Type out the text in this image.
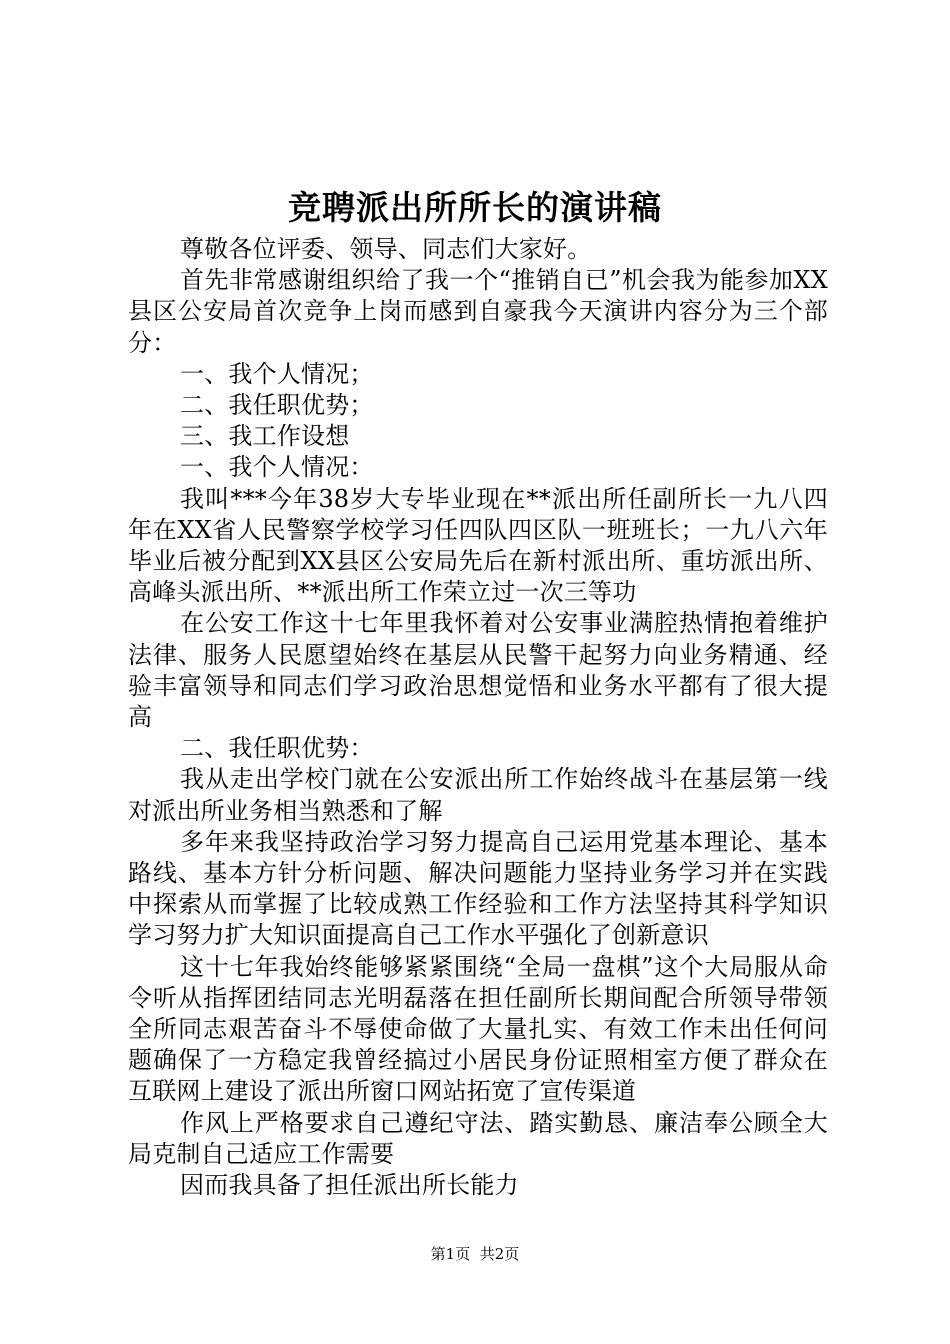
竞聘派出所所长的演讲稿

尊敬各位评委、领导、同志们大家好。

首先非常感谢组织给了我一个“推销自已”机会我为能参加XX县区公安局首次竞争上岗而感到自豪我今天演讲内容分为三个部分：

一、我个人情况；

二、我任职优势；

三、我工作设想

一、我个人情况：

我叫***今年38岁大专毕业现在**派出所任副所长一九八四年在XX省人民警察学校学习任四队四区队一班班长；一九八六年毕业后被分配到XX县区公安局先后在新村派出所、重坊派出所、高峰头派出所、**派出所工作荣立过一次三等功

在公安工作这十七年里我怀着对公安事业满腔热情抱着维护法律、服务人民愿望始终在基层从民警干起努力向业务精通、经验丰富领导和同志们学习政治思想觉悟和业务水平都有了很大提高

二、我任职优势：

我从走出学校门就在公安派出所工作始终战斗在基层第一线对派出所业务相当熟悉和了解

多年来我坚持政治学习努力提高自己运用党基本理论、基本路线、基本方针分析问题、解决问题能力坚持业务学习并在实践中探索从而掌握了比较成熟工作经验和工作方法坚持其科学知识学习努力扩大知识面提高自己工作水平强化了创新意识

这十七年我始终能够紧紧围绕“全局一盘棋”这个大局服从命令听从指挥团结同志光明磊落在担任副所长期间配合所领导带领全所同志艰苦奋斗不辱使命做了大量扎实、有效工作未出任何问题确保了一方稳定我曾经搞过小居民身份证照相室方便了群众在互联网上建设了派出所窗口网站拓宽了宣传渠道

作风上严格要求自己遵纪守法、踏实勤恳、廉洁奉公顾全大局克制自己适应工作需要

因而我具备了担任派出所长能力

第1页 共2页
